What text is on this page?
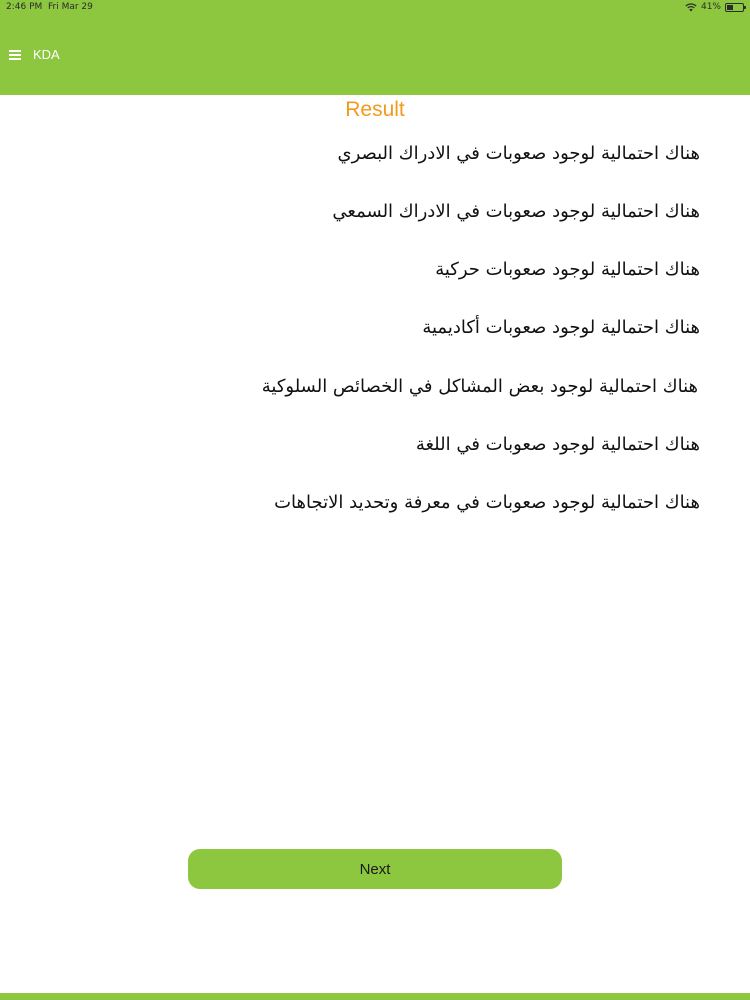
2:46 PM Fri Mar 29	41%
KDA
Result
هناك احتمالية لوجود صعوبات في الادراك البصري
هناك احتمالية لوجود صعوبات في الادراك السمعي
هناك احتمالية لوجود صعوبات حركية
هناك احتمالية لوجود صعوبات أكاديمية
هناك احتمالية لوجود بعض المشاكل في الخصائص السلوكية
هناك احتمالية لوجود صعوبات في اللغة
هناك احتمالية لوجود صعوبات في معرفة وتحديد الاتجاهات
Next
